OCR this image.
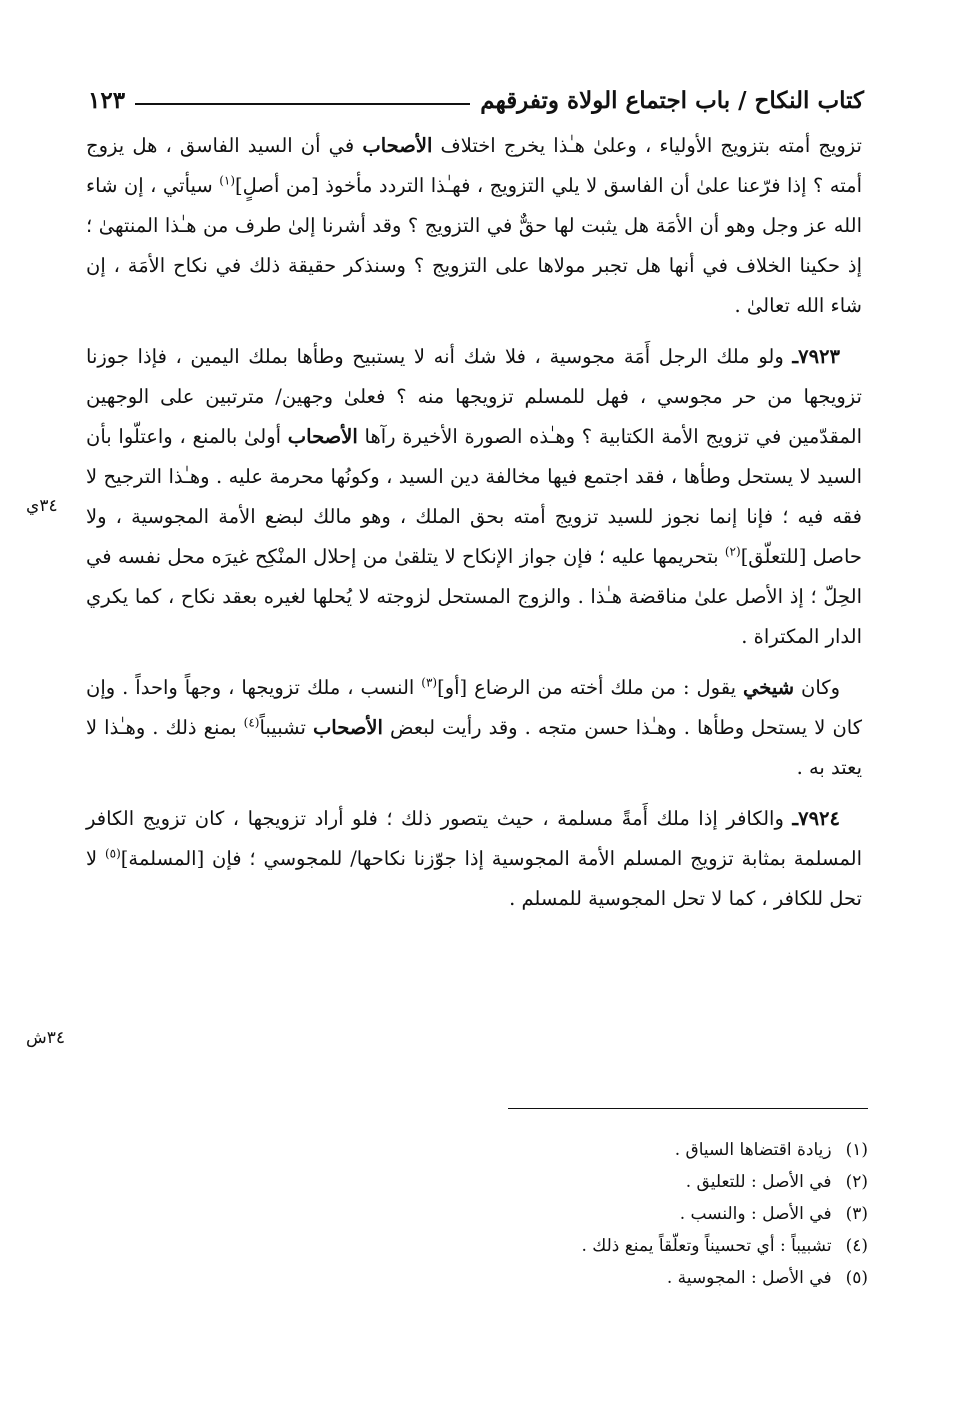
كتاب النكاح / باب اجتماع الولاة وتفرقهم
١٢٣

تزويج أمته بتزويج الأولياء ، وعلىٰ هـٰذا يخرج اختلاف الأصحاب في أن السيد الفاسق ، هل يزوج أمته ؟ إذا فرّعنا علىٰ أن الفاسق لا يلي التزويج ، فهـٰذا التردد مأخوذ [من أصلٍ]$^{(١)}$ سيأتي ، إن شاء الله عز وجل وهو أن الأمَة هل يثبت لها حقٌّ في التزويج ؟ وقد أشرنا إلىٰ طرف من هـٰذا المنتهىٰ ؛ إذ حكينا الخلاف في أنها هل تجبر مولاها على التزويج ؟ وسنذكر حقيقة ذلك في نكاح الأمَة ، إن شاء الله تعالىٰ .

٧٩٢٣ـ ولو ملك الرجل أَمَة مجوسية ، فلا شك أنه لا يستبيح وطأها بملك اليمين ، فإذا جوزنا تزويجها من حر مجوسي ، فهل للمسلم تزويجها منه ؟ فعلىٰ وجهين/ مترتبين على الوجهين المقدّمين في تزويج الأمة الكتابية ؟ وهـٰذه الصورة الأخيرة رآها الأصحاب أولىٰ بالمنع ، واعتلّوا بأن السيد لا يستحل وطأها ، فقد اجتمع فيها مخالفة دين السيد ، وكونُها محرمة عليه . وهـٰذا الترجيح لا فقه فيه ؛ فإنا إنما نجوز للسيد تزويج أمته بحق الملك ، وهو مالك لبضع الأمة المجوسية ، ولا حاصل [للتعلّق]$^{(٢)}$ بتحريمها عليه ؛ فإن جواز الإنكاح لا يتلقىٰ من إحلال المنْكِح غيرَه محل نفسه في الحِلّ ؛ إذ الأصل علىٰ مناقضة هـٰذا . والزوج المستحل لزوجته لا يُحلها لغيره بعقد نكاح ، كما يكري الدار المكتراة .

وكان شيخي يقول : من ملك أخته من الرضاع [أو]$^{(٣)}$ النسب ، ملك تزويجها ، وجهاً واحداً . وإن كان لا يستحل وطأها . وهـٰذا حسن متجه . وقد رأيت لبعض الأصحاب تشبيباً$^{(٤)}$ بمنع ذلك . وهـٰذا لا يعتد به .

٧٩٢٤ـ والكافر إذا ملك أَمةً مسلمة ، حيث يتصور ذلك ؛ فلو أراد تزويجها ، كان تزويج الكافر المسلمة بمثابة تزويج المسلم الأمة المجوسية إذا جوّزنا نكاحها/ للمجوسي ؛ فإن [المسلمة]$^{(٥)}$ لا تحل للكافر ، كما لا تحل المجوسية للمسلم .

٣٤ي
٣٤ش
(١)
زيادة اقتضاها السياق .
(٢)
في الأصل : للتعليق .
(٣)
في الأصل : والنسب .
(٤)
تشبيباً : أي تحسيناً وتعلّقاً يمنع ذلك .
(٥)
في الأصل : المجوسية .
